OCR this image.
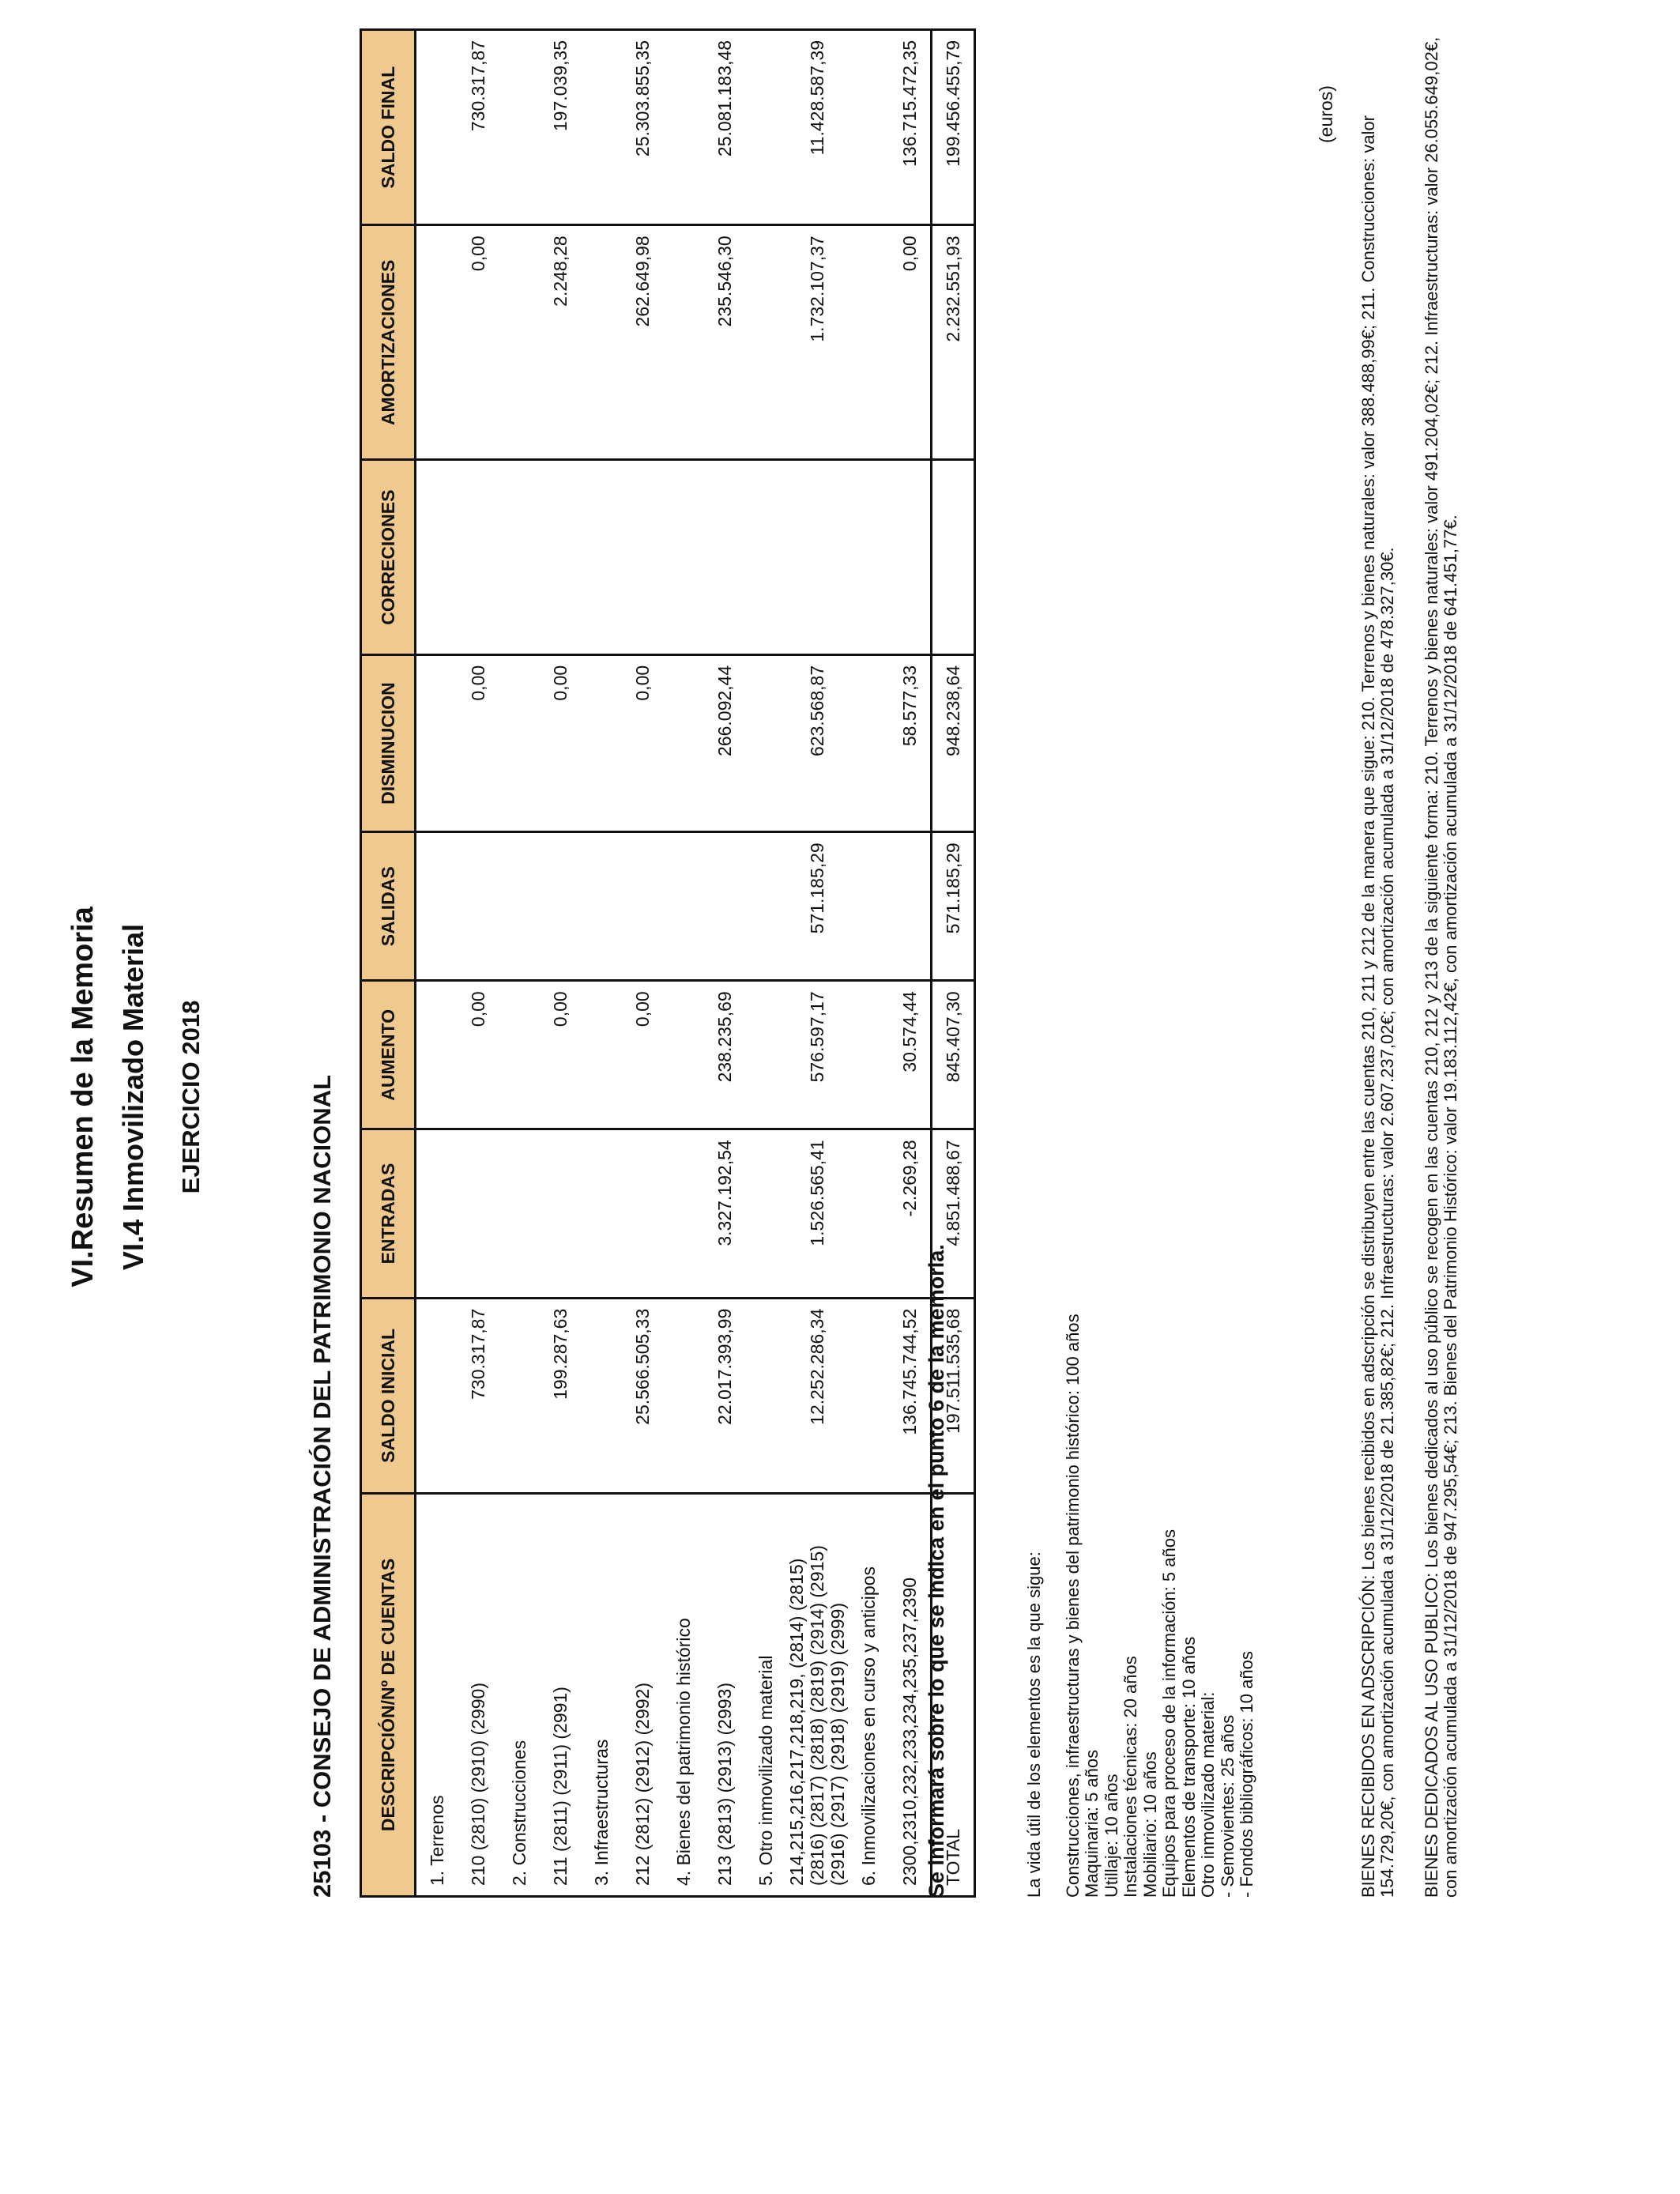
VI.Resumen de la Memoria VI.4 Inmovilizado Material EJERCICIO 2018	25103 - CONSEJO DE ADMINISTRACIÓN DEL PATRIMONIO NACIONAL
(euros)
DESCRIPCIÓN/Nº DE CUENTAS	SALDO INICIAL	ENTRADAS	AUMENTO	SALIDAS	DISMINUCION	CORRECIONES	AMORTIZACIONES	SALDO FINAL
1. Terrenos								
210 (2810) (2910) (2990)	730.317,87		0,00		0,00		0,00	730.317,87
2. Construcciones								
211 (2811) (2911) (2991)	199.287,63		0,00		0,00		2.248,28	197.039,35
3. Infraestructuras								
212 (2812) (2912) (2992)	25.566.505,33		0,00		0,00		262.649,98	25.303.855,35
4. Bienes del patrimonio histórico								
213 (2813) (2913) (2993)	22.017.393,99	3.327.192,54	238.235,69		266.092,44		235.546,30	25.081.183,48
5. Otro inmovilizado material								
214,215,216,217,218,219, (2814) (2815) (2816) (2817) (2818) (2819) (2914) (2915) (2916) (2917) (2918) (2919) (2999)	12.252.286,34	1.526.565,41	576.597,17	571.185,29	623.568,87		1.732.107,37	11.428.587,39
6. Inmovilizaciones en curso y anticipos								
2300,2310,232,233,234,235,237,2390	136.745.744,52	-2.269,28	30.574,44		58.577,33		0,00	136.715.472,35
TOTAL	197.511.535,68	4.851.488,67	845.407,30	571.185,29	948.238,64		2.232.551,93	199.456.455,79
Se informará sobre lo que se indica en el punto 6 de la memoria.	La vida útil de los elementos es la que sigue: Construcciones, infraestructuras y bienes del patrimonio histórico: 100 años Maquinaria: 5 años Utillaje: 10 años Instalaciones técnicas: 20 años Mobiliario: 10 años Equipos para proceso de la información: 5 años Elementos de transporte: 10 años Otro inmovilizado material: - Semovientes: 25 años - Fondos bibliográficos: 10 años	BIENES RECIBIDOS EN ADSCRIPCIÓN: Los bienes recibidos en adscripción se distribuyen entre las cuentas 210, 211 y 212 de la manera que sigue: 210. Terrenos y bienes naturales: valor 388.488,99€; 211. Construcciones: valor 154.729,20€, con amortización acumulada a 31/12/2018 de 21.385,82€; 212. Infraestructuras: valor 2.607.237,02€; con amortización acumulada a 31/12/2018 de 478.327,30€. BIENES DEDICADOS AL USO PUBLICO: Los bienes dedicados al uso público se recogen en las cuentas 210, 212 y 213 de la siguiente forma: 210. Terrenos y bienes naturales: valor 491.204,02€; 212. Infraestructuras: valor 26.055.649,02€, con amortización acumulada a 31/12/2018 de 947.295,54€; 213. Bienes del Patrimonio Histórico: valor 19.183.112,42€, con amortización acumulada a 31/12/2018 de 641.451,77€.
